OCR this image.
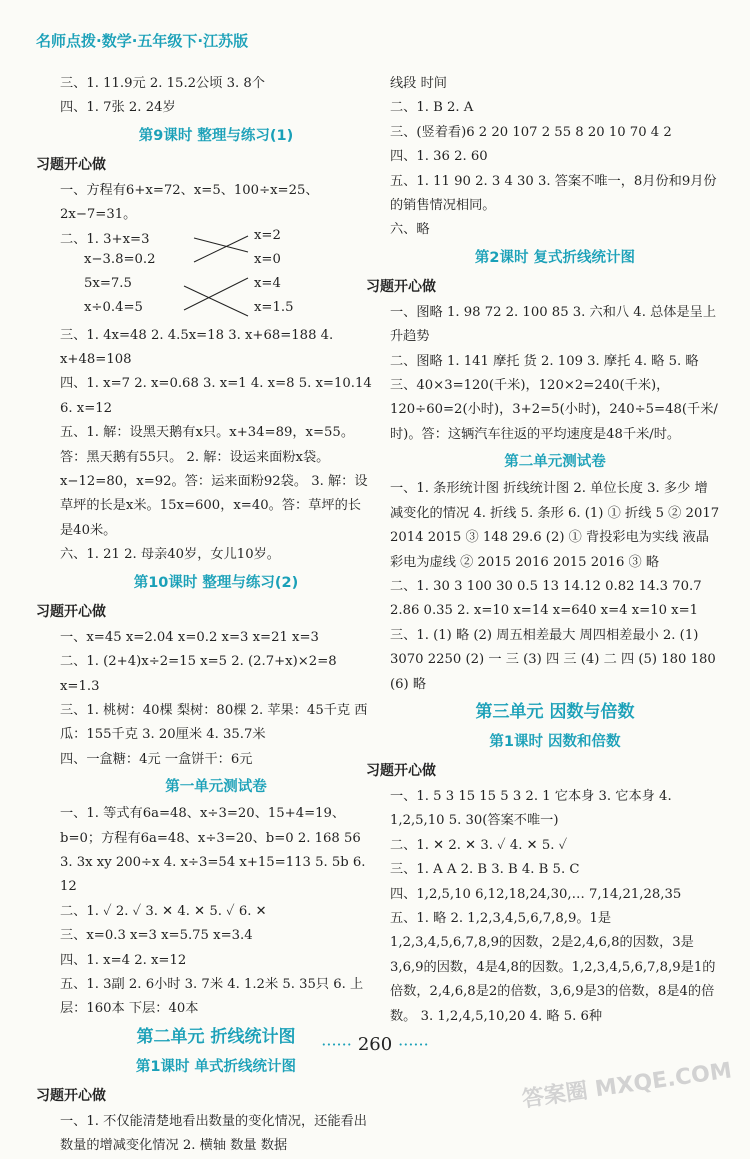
名师点拨·数学·五年级下·江苏版

三、1. 11.9元 2. 15.2公顷 3. 8个

四、1. 7张 2. 24岁

第9课时 整理与练习(1)
习题开心做

一、方程有6+x=72、x=5、100÷x=25、2x−7=31。

二、1. 3+x=3
x−3.8=0.2
5x=7.5
x÷0.4=5
x=2
x=0
x=4
x=1.5

三、1. 4x=48 2. 4.5x=18 3. x+68=188 4. x+48=108

四、1. x=7 2. x=0.68 3. x=1 4. x=8 5. x=10.14 6. x=12

五、1. 解：设黑天鹅有x只。x+34=89，x=55。答：黑天鹅有55只。 2. 解：设运来面粉x袋。x−12=80，x=92。答：运来面粉92袋。 3. 解：设草坪的长是x米。15x=600，x=40。答：草坪的长是40米。

六、1. 21 2. 母亲40岁，女儿10岁。

第10课时 整理与练习(2)
习题开心做

一、x=45 x=2.04 x=0.2 x=3 x=21 x=3

二、1. (2+4)x÷2=15 x=5 2. (2.7+x)×2=8 x=1.3

三、1. 桃树：40棵 梨树：80棵 2. 苹果：45千克 西瓜：155千克 3. 20厘米 4. 35.7米

四、一盒糖：4元 一盒饼干：6元

第一单元测试卷

一、1. 等式有6a=48、x÷3=20、15+4=19、b=0；方程有6a=48、x÷3=20、b=0 2. 168 56 3. 3x xy 200÷x 4. x÷3=54 x+15=113 5. 5b 6. 12

二、1. ✓ 2. ✓ 3. ✕ 4. ✕ 5. ✓ 6. ✕

三、x=0.3 x=3 x=5.75 x=3.4

四、1. x=4 2. x=12

五、1. 3副 2. 6小时 3. 7米 4. 1.2米 5. 35只 6. 上层：160本 下层：40本

第二单元 折线统计图
第1课时 单式折线统计图
习题开心做

一、1. 不仅能清楚地看出数量的变化情况，还能看出数量的增减变化情况 2. 横轴 数量 数据

线段 时间

二、1. B 2. A

三、(竖着看)6 2 20 107 2 55 8 20 10 70 4 2

四、1. 36 2. 60

五、1. 11 90 2. 3 4 30 3. 答案不唯一，8月份和9月份的销售情况相同。

六、略

第2课时 复式折线统计图
习题开心做

一、图略 1. 98 72 2. 100 85 3. 六和八 4. 总体是呈上升趋势

二、图略 1. 141 摩托 货 2. 109 3. 摩托 4. 略 5. 略

三、40×3=120(千米)，120×2=240(千米)，120÷60=2(小时)，3+2=5(小时)，240÷5=48(千米/时)。答：这辆汽车往返的平均速度是48千米/时。

第二单元测试卷

一、1. 条形统计图 折线统计图 2. 单位长度 3. 多少 增减变化的情况 4. 折线 5. 条形 6. (1) ① 折线 5 ② 2017 2014 2015 ③ 148 29.6 (2) ① 背投彩电为实线 液晶彩电为虚线 ② 2015 2016 2015 2016 ③ 略

二、1. 30 3 100 30 0.5 13 14.12 0.82 14.3 70.7 2.86 0.35 2. x=10 x=14 x=640 x=4 x=10 x=1

三、1. (1) 略 (2) 周五相差最大 周四相差最小 2. (1) 3070 2250 (2) 一 三 (3) 四 三 (4) 二 四 (5) 180 180 (6) 略

第三单元 因数与倍数
第1课时 因数和倍数
习题开心做

一、1. 5 3 15 15 5 3 2. 1 它本身 3. 它本身 4. 1,2,5,10 5. 30(答案不唯一)

二、1. ✕ 2. ✕ 3. ✓ 4. ✕ 5. ✓

三、1. A A 2. B 3. B 4. B 5. C

四、1,2,5,10 6,12,18,24,30,… 7,14,21,28,35

五、1. 略 2. 1,2,3,4,5,6,7,8,9。1是1,2,3,4,5,6,7,8,9的因数，2是2,4,6,8的因数，3是3,6,9的因数，4是4,8的因数。1,2,3,4,5,6,7,8,9是1的倍数，2,4,6,8是2的倍数，3,6,9是3的倍数，8是4的倍数。 3. 1,2,4,5,10,20 4. 略 5. 6种

······ 260 ······
答案圈 MXQE.COM
